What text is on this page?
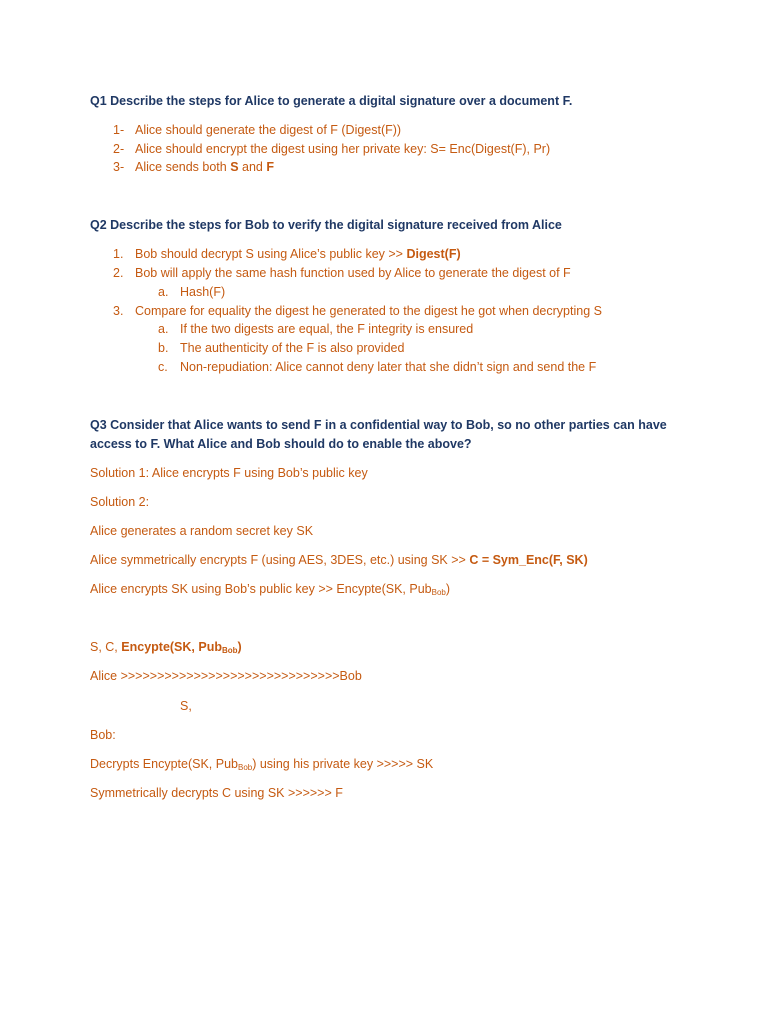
Q1 Describe the steps for Alice to generate a digital signature over a document F.
1- Alice should generate the digest of F (Digest(F))
2- Alice should encrypt the digest using her private key: S= Enc(Digest(F), Pr)
3- Alice sends both S and F
Q2 Describe the steps for Bob to verify the digital signature received from Alice
1. Bob should decrypt S using Alice’s public key >> Digest(F)
2. Bob will apply the same hash function used by Alice to generate the digest of F
a. Hash(F)
3. Compare for equality the digest he generated to the digest he got when decrypting S
a. If the two digests are equal, the F integrity is ensured
b. The authenticity of the F is also provided
c. Non-repudiation: Alice cannot deny later that she didn’t sign and send the F
Q3 Consider that Alice wants to send F in a confidential way to Bob, so no other parties can have
access to F. What Alice and Bob should do to enable the above?
Solution 1: Alice encrypts F using Bob’s public key
Solution 2:
Alice generates a random secret key SK
Alice symmetrically encrypts F (using AES, 3DES, etc.) using SK >> C = Sym_Enc(F, SK)
Alice encrypts SK using Bob’s public key >> Encypte(SK, Pub$_{Bob}$)
S, C, Encypte(SK, Pub$_{Bob}$)
Alice >>>>>>>>>>>>>>>>>>>>>>>>>>>>>>Bob
S,
Bob:
Decrypts Encypte(SK, Pub$_{Bob}$) using his private key >>>>> SK
Symmetrically decrypts C using SK >>>>>> F
